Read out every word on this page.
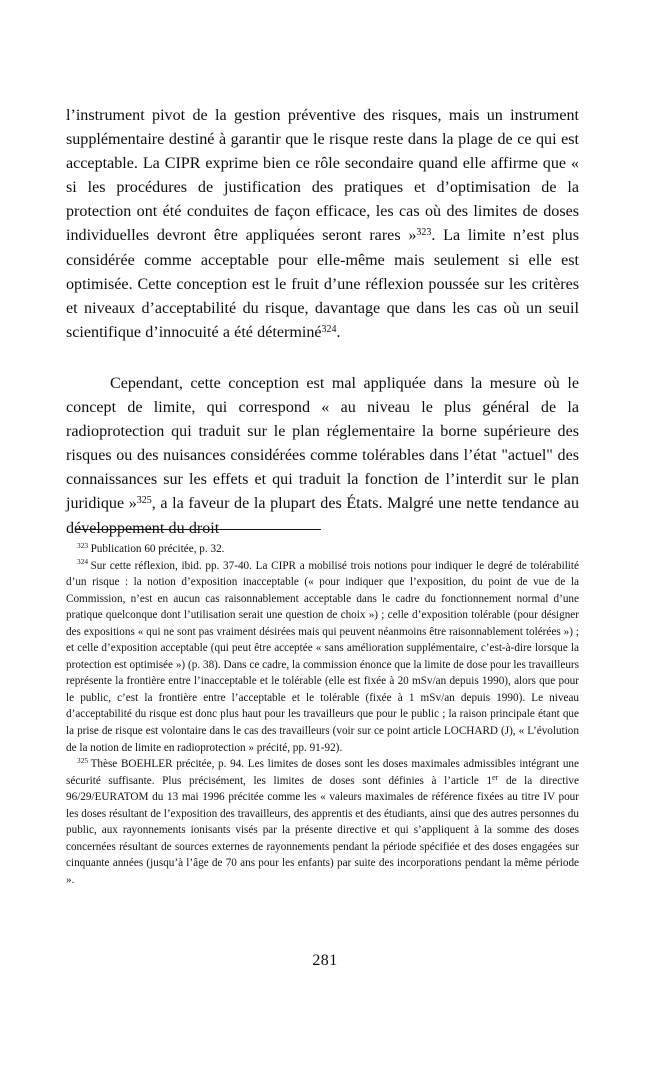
l’instrument pivot de la gestion préventive des risques, mais un instrument supplémentaire destiné à garantir que le risque reste dans la plage de ce qui est acceptable. La CIPR exprime bien ce rôle secondaire quand elle affirme que « si les procédures de justification des pratiques et d’optimisation de la protection ont été conduites de façon efficace, les cas où des limites de doses individuelles devront être appliquées seront rares »$^{323}$. La limite n’est plus considérée comme acceptable pour elle-même mais seulement si elle est optimisée. Cette conception est le fruit d’une réflexion poussée sur les critères et niveaux d’acceptabilité du risque, davantage que dans les cas où un seuil scientifique d’innocuité a été déterminé$^{324}$.

Cependant, cette conception est mal appliquée dans la mesure où le concept de limite, qui correspond « au niveau le plus général de la radioprotection qui traduit sur le plan réglementaire la borne supérieure des risques ou des nuisances considérées comme tolérables dans l’état "actuel" des connaissances sur les effets et qui traduit la fonction de l’interdit sur le plan juridique »$^{325}$, a la faveur de la plupart des États. Malgré une nette tendance au développement du droit

$^{323}$ Publication 60 précitée, p. 32.

$^{324}$ Sur cette réflexion, ibid. pp. 37-40. La CIPR a mobilisé trois notions pour indiquer le degré de tolérabilité d’un risque : la notion d’exposition inacceptable (« pour indiquer que l’exposition, du point de vue de la Commission, n’est en aucun cas raisonnablement acceptable dans le cadre du fonctionnement normal d’une pratique quelconque dont l’utilisation serait une question de choix ») ; celle d’exposition tolérable (pour désigner des expositions « qui ne sont pas vraiment désirées mais qui peuvent néanmoins être raisonnablement tolérées ») ; et celle d’exposition acceptable (qui peut être acceptée « sans amélioration supplémentaire, c’est-à-dire lorsque la protection est optimisée ») (p. 38). Dans ce cadre, la commission énonce que la limite de dose pour les travailleurs représente la frontière entre l’inacceptable et le tolérable (elle est fixée à 20 mSv/an depuis 1990), alors que pour le public, c’est la frontière entre l’acceptable et le tolérable (fixée à 1 mSv/an depuis 1990). Le niveau d’acceptabilité du risque est donc plus haut pour les travailleurs que pour le public ; la raison principale étant que la prise de risque est volontaire dans le cas des travailleurs (voir sur ce point article LOCHARD (J), « L’évolution de la notion de limite en radioprotection » précité, pp. 91-92).

$^{325}$ Thèse BOEHLER précitée, p. 94. Les limites de doses sont les doses maximales admissibles intégrant une sécurité suffisante. Plus précisément, les limites de doses sont définies à l’article 1er de la directive 96/29/EURATOM du 13 mai 1996 précitée comme les « valeurs maximales de référence fixées au titre IV pour les doses résultant de l’exposition des travailleurs, des apprentis et des étudiants, ainsi que des autres personnes du public, aux rayonnements ionisants visés par la présente directive et qui s’appliquent à la somme des doses concernées résultant de sources externes de rayonnements pendant la période spécifiée et des doses engagées sur cinquante années (jusqu’à l’âge de 70 ans pour les enfants) par suite des incorporations pendant la même période ».

281
